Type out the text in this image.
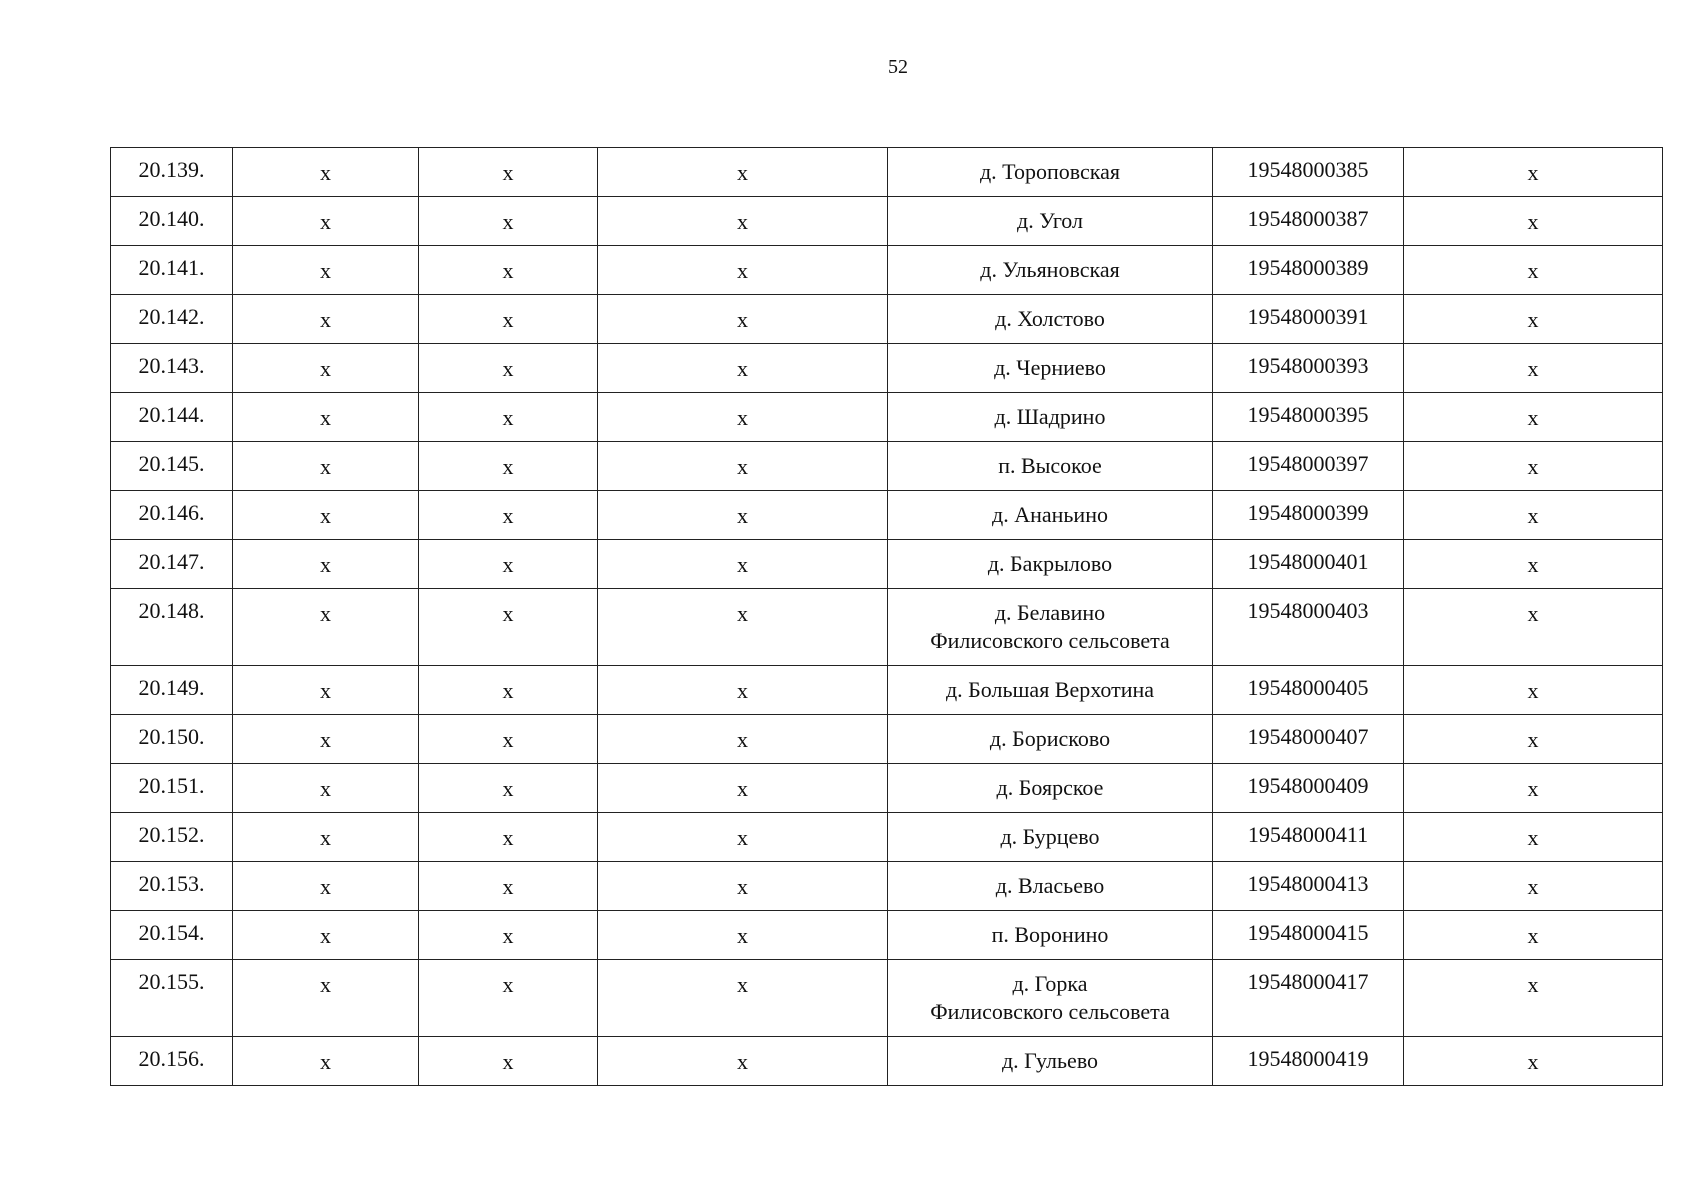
52
20.139.	x	x	x	д. Тороповская	19548000385	x
20.140.	x	x	x	д. Угол	19548000387	x
20.141.	x	x	x	д. Ульяновская	19548000389	x
20.142.	x	x	x	д. Холстово	19548000391	x
20.143.	x	x	x	д. Черниево	19548000393	x
20.144.	x	x	x	д. Шадрино	19548000395	x
20.145.	x	x	x	п. Высокое	19548000397	x
20.146.	x	x	x	д. Ананьино	19548000399	x
20.147.	x	x	x	д. Бакрылово	19548000401	x
20.148.	x	x	x	д. Белавино
Филисовского сельсовета	19548000403	x
20.149.	x	x	x	д. Большая Верхотина	19548000405	x
20.150.	x	x	x	д. Борисково	19548000407	x
20.151.	x	x	x	д. Боярское	19548000409	x
20.152.	x	x	x	д. Бурцево	19548000411	x
20.153.	x	x	x	д. Власьево	19548000413	x
20.154.	x	x	x	п. Воронино	19548000415	x
20.155.	x	x	x	д. Горка
Филисовского сельсовета	19548000417	x
20.156.	x	x	x	д. Гульево	19548000419	x
